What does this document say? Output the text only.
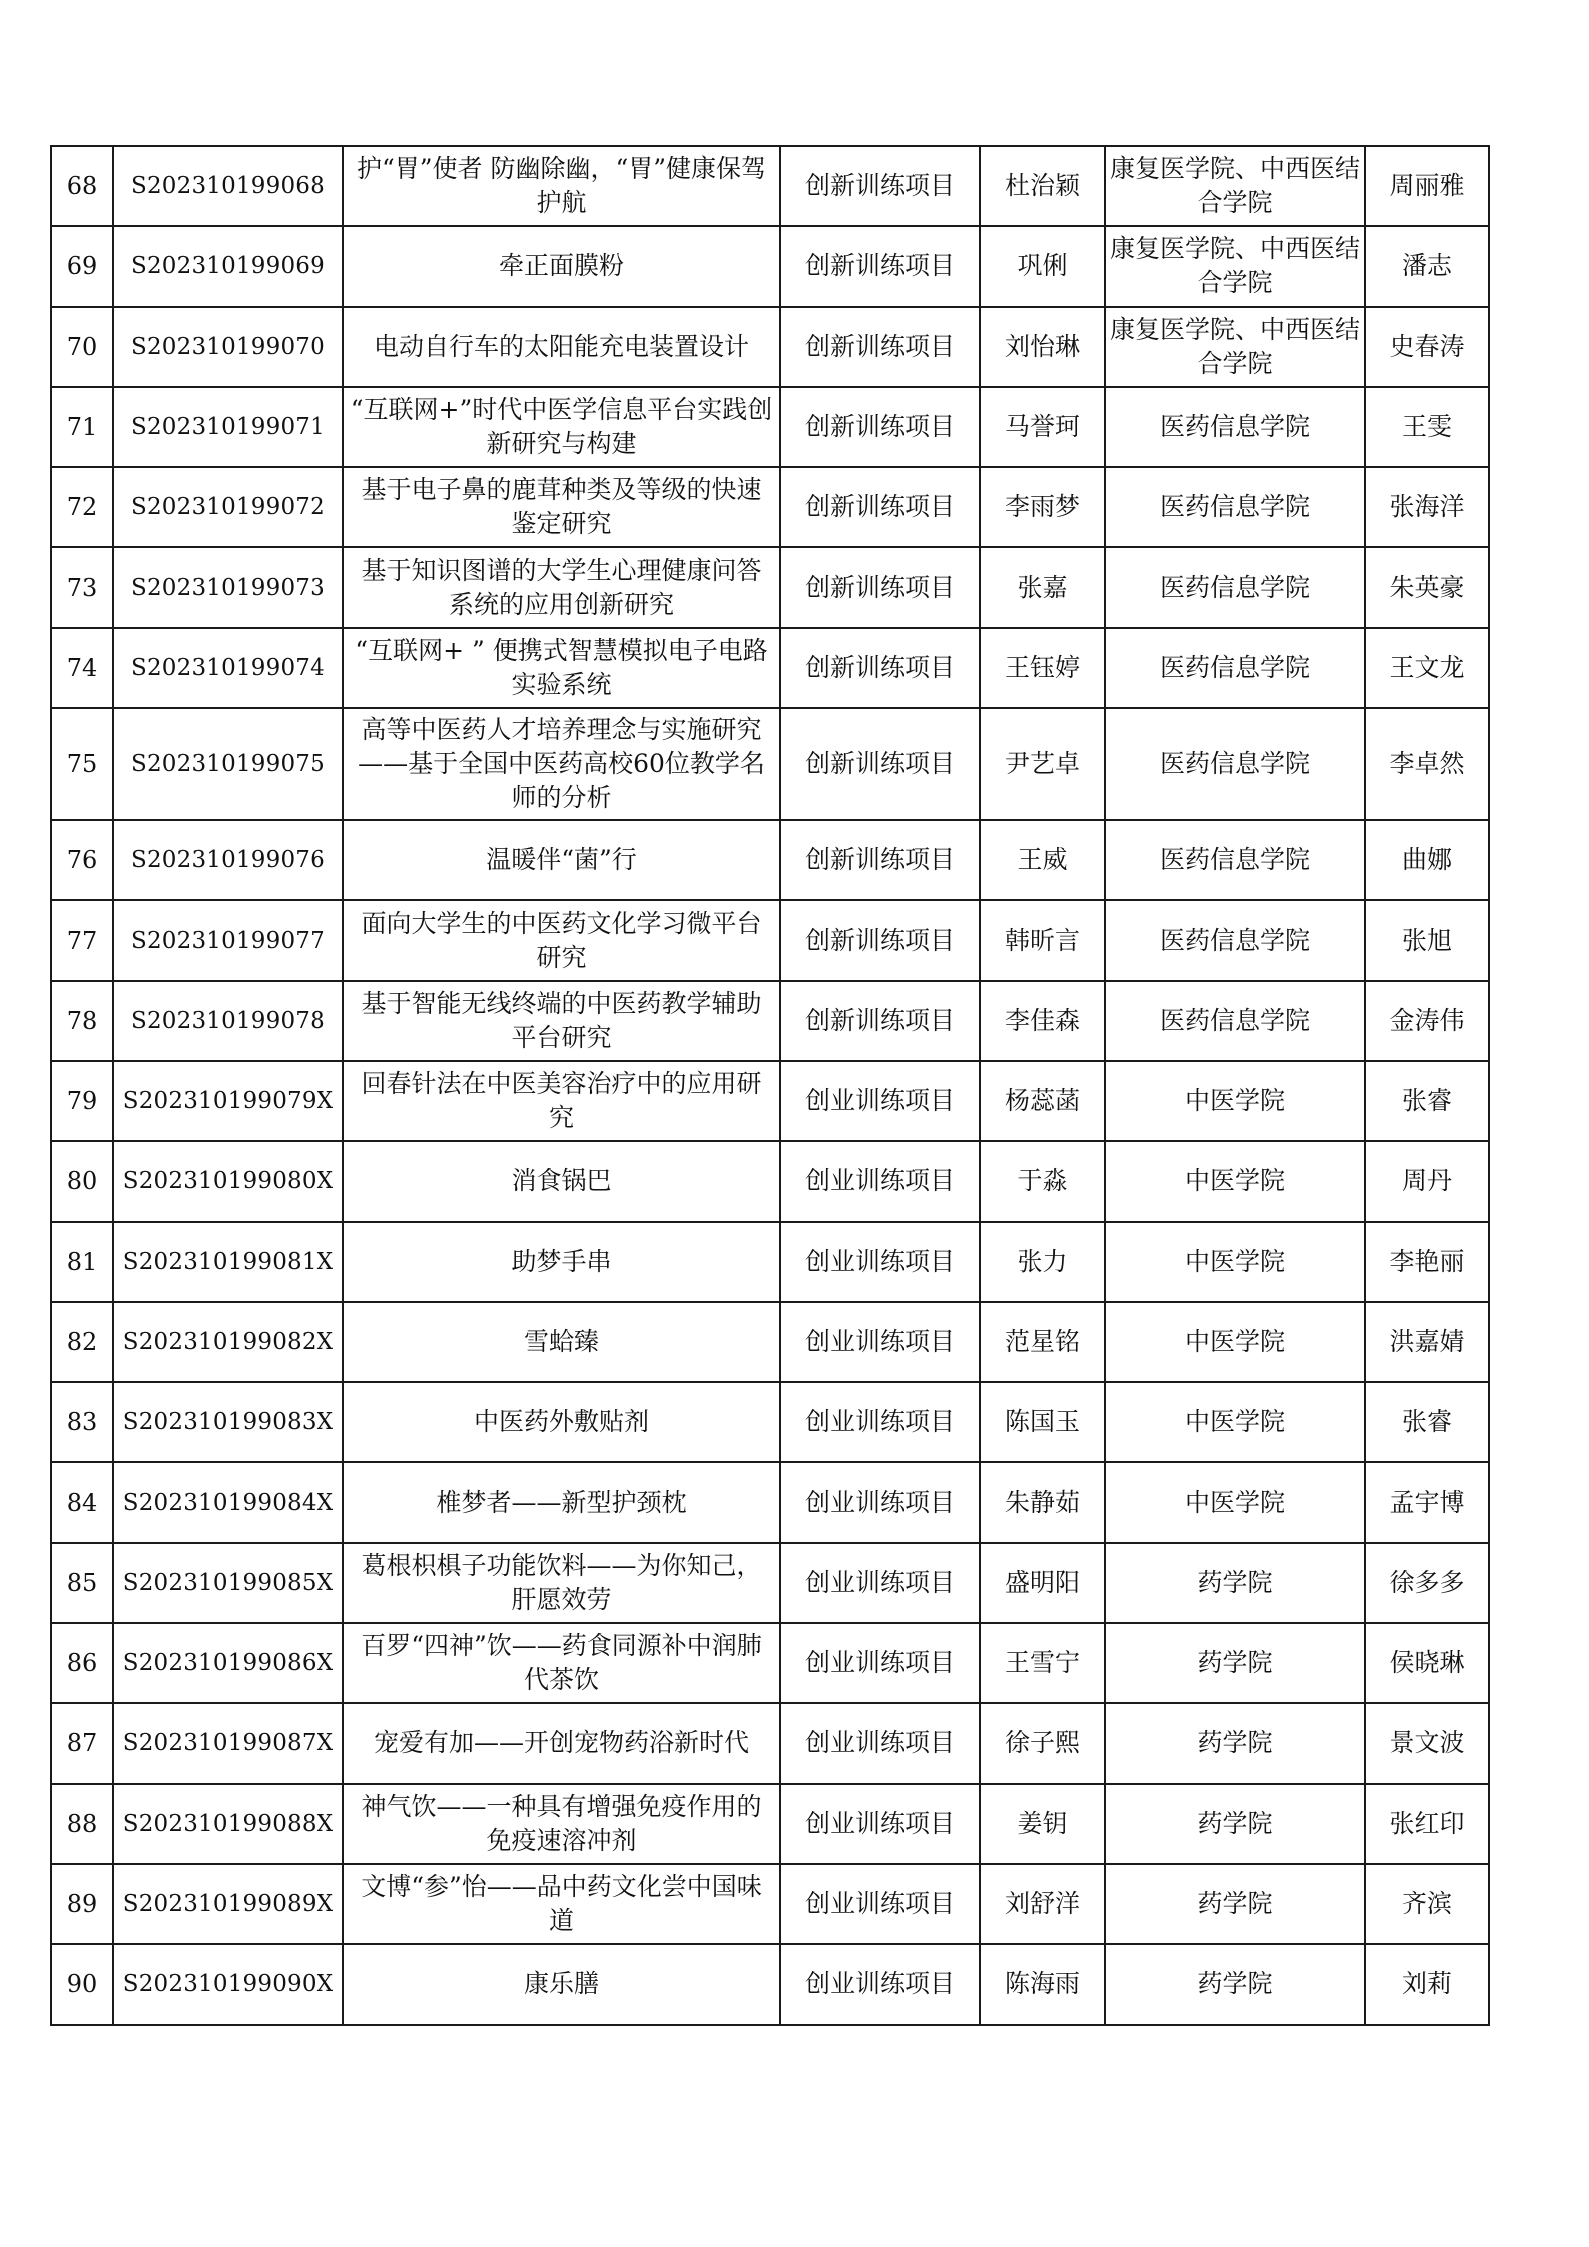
68	S202310199068	护“胃”使者 防幽除幽，“胃”健康保驾护航	创新训练项目	杜治颖	康复医学院、中西医结合学院	周丽雅
69	S202310199069	牵正面膜粉	创新训练项目	巩俐	康复医学院、中西医结合学院	潘志
70	S202310199070	电动自行车的太阳能充电装置设计	创新训练项目	刘怡琳	康复医学院、中西医结合学院	史春涛
71	S202310199071	“互联网+”时代中医学信息平台实践创新研究与构建	创新训练项目	马誉珂	医药信息学院	王雯
72	S202310199072	基于电子鼻的鹿茸种类及等级的快速鉴定研究	创新训练项目	李雨梦	医药信息学院	张海洋
73	S202310199073	基于知识图谱的大学生心理健康问答系统的应用创新研究	创新训练项目	张嘉	医药信息学院	朱英豪
74	S202310199074	“互联网+ ” 便携式智慧模拟电子电路实验系统	创新训练项目	王钰婷	医药信息学院	王文龙
75	S202310199075	高等中医药人才培养理念与实施研究——基于全国中医药高校60位教学名师的分析	创新训练项目	尹艺卓	医药信息学院	李卓然
76	S202310199076	温暖伴“菌”行	创新训练项目	王威	医药信息学院	曲娜
77	S202310199077	面向大学生的中医药文化学习微平台研究	创新训练项目	韩昕言	医药信息学院	张旭
78	S202310199078	基于智能无线终端的中医药教学辅助平台研究	创新训练项目	李佳森	医药信息学院	金涛伟
79	S202310199079X	回春针法在中医美容治疗中的应用研究	创业训练项目	杨蕊菡	中医学院	张睿
80	S202310199080X	消食锅巴	创业训练项目	于淼	中医学院	周丹
81	S202310199081X	助梦手串	创业训练项目	张力	中医学院	李艳丽
82	S202310199082X	雪蛤臻	创业训练项目	范星铭	中医学院	洪嘉婧
83	S202310199083X	中医药外敷贴剂	创业训练项目	陈国玉	中医学院	张睿
84	S202310199084X	椎梦者——新型护颈枕	创业训练项目	朱静茹	中医学院	孟宇博
85	S202310199085X	葛根枳椇子功能饮料——为你知己，肝愿效劳	创业训练项目	盛明阳	药学院	徐多多
86	S202310199086X	百罗“四神”饮——药食同源补中润肺代茶饮	创业训练项目	王雪宁	药学院	侯晓琳
87	S202310199087X	宠爱有加——开创宠物药浴新时代	创业训练项目	徐子熙	药学院	景文波
88	S202310199088X	神气饮——一种具有增强免疫作用的免疫速溶冲剂	创业训练项目	姜钥	药学院	张红印
89	S202310199089X	文博“参”怡——品中药文化尝中国味道	创业训练项目	刘舒洋	药学院	齐滨
90	S202310199090X	康乐膳	创业训练项目	陈海雨	药学院	刘莉
